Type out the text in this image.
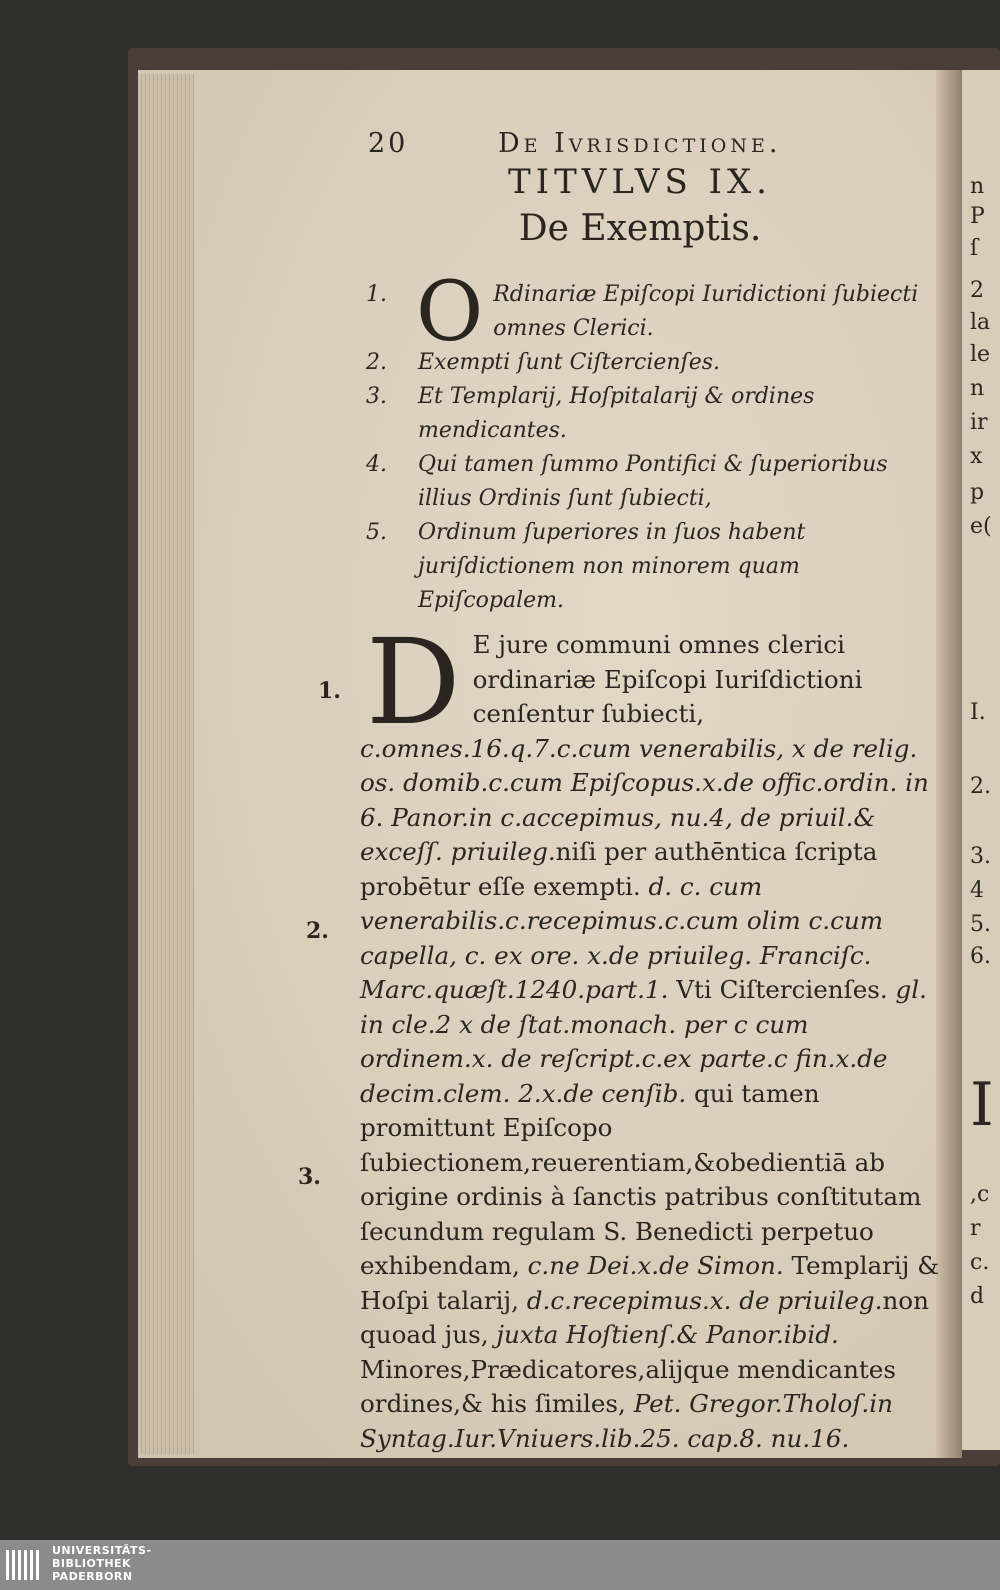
n
P
ſ
2
la
le
n
ir
x
p
e(
I.
2.
3.
4
5.
6.
I
,c
r
c.
d
20	De Ivrisdictione.
TITVLVS IX.
De Exemptis.
1. O Rdinariæ Epiſcopi Iuridictioni ſubiecti omnes Clerici.
2. Exempti ſunt Ciſtercienſes.
3. Et Templarij, Hoſpitalarij & ordines mendicantes.
4. Qui tamen ſummo Pontifici & ſuperioribus illius Ordinis ſunt ſubiecti,
5. Ordinum ſuperiores in ſuos habent juriſdictionem non minorem quam Epiſcopalem.
1.
2.
3.

D E jure communi omnes clerici ordinariæ Epiſcopi Iuriſdictioni cenſentur ſubiecti, c.omnes.16.q.7.c.cum venerabilis, x de relig. os. domib.c.cum Epiſcopus.x.de offic.ordin. in 6. Panor.in c.accepimus, nu.4, de priuil.& exceſſ. priuileg.niſi per authēntica ſcripta probētur eſſe exempti. d. c. cum venerabilis.c.recepimus.c.cum olim c.cum capella, c. ex ore. x.de priuileg. Franciſc. Marc.quæſt.1240.part.1. Vti Ciſtercienſes. gl. in cle.2 x de ſtat.monach. per c cum ordinem.x. de reſcript.c.ex parte.c fin.x.de decim.clem. 2.x.de cenſib. qui tamen promittunt Epiſcopo ſubiectionem,reuerentiam,&obedientiā ab origine ordinis à ſanctis patribus conſtitutam ſecundum regulam S. Benedicti perpetuo exhibendam, c.ne Dei.x.de Simon. Templarij & Hoſpi talarij, d.c.recepimus.x. de priuileg.non quoad jus, juxta Hoſtienſ.& Panor.ibid. Minores,Prædicatores,alijque mendicantes ordines,& his ſimiles, Pet. Gregor.Tholoſ.in Syntag.Iur.Vniuers.lib.25. cap.8. nu.16.

UNIVERSITÄTS-
BIBLIOTHEK
PADERBORN
